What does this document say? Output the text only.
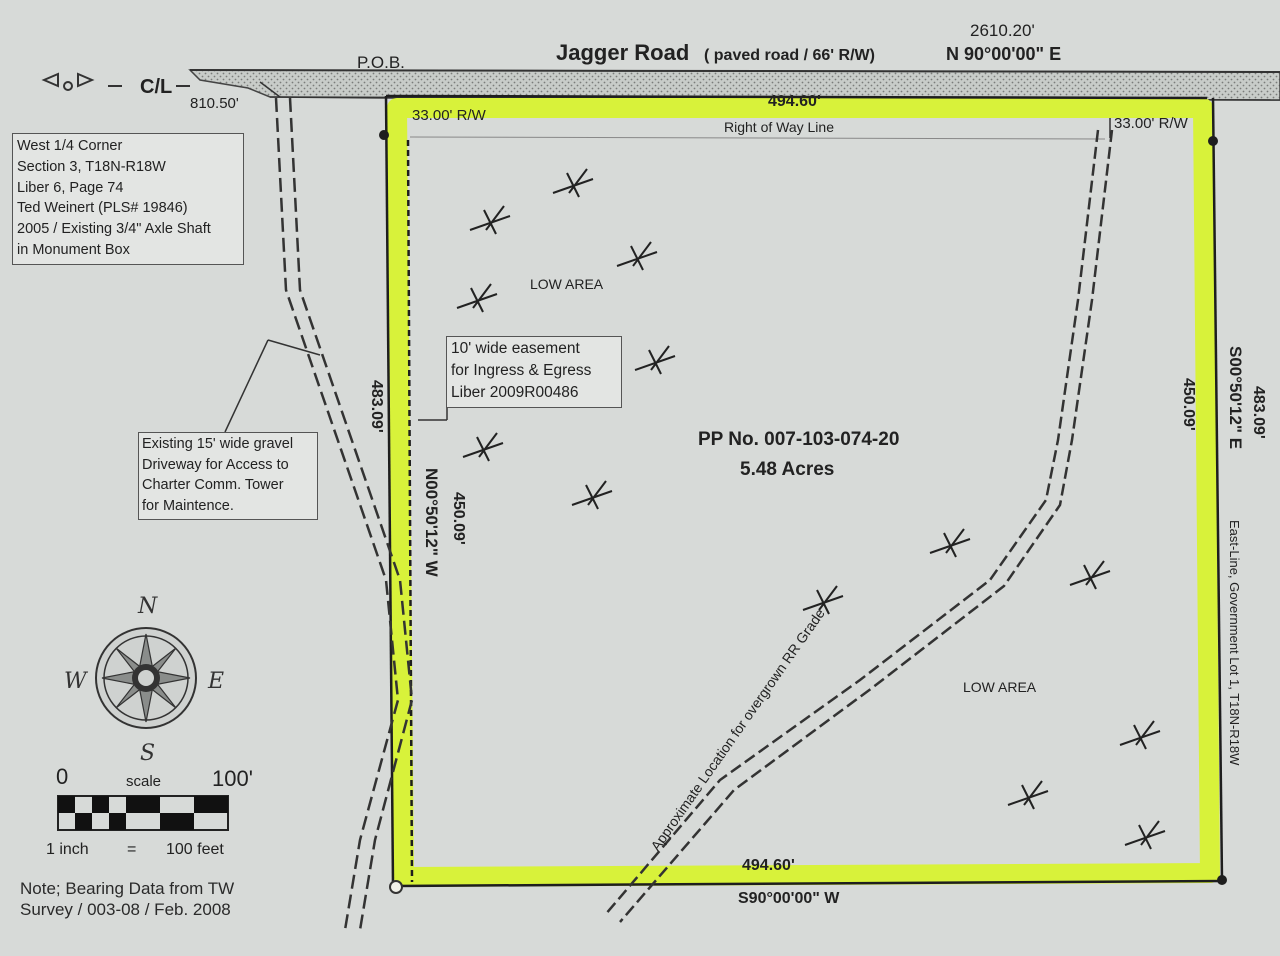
P.O.B.	Jagger Road ( paved road / 66' R/W)
2610.20'
N 90°00'00" E
C/L
810.50'	494.60'
33.00' R/W	33.00' R/W
Right of Way Line
PP No. 007-103-074-20
5.48 Acres
494.60'
S90°00'00" W
LOW AREA
LOW AREA
483.09'
450.09'
N00°50'12" W
450.09'	483.09'
S00°50'12" E
East-Line, Government Lot 1, T18N-R18W
Approximate Location for overgrown RR Grade
N
S
E
W
0	scale 100'
1 inch = 100 feet
West 1/4 Corner
Section 3, T18N-R18W
Liber 6, Page 74
Ted Weinert (PLS# 19846)
2005 / Existing 3/4" Axle Shaft
in Monument Box
10' wide easement
for Ingress & Egress
Liber 2009R00486
Existing 15' wide gravel
Driveway for Access to
Charter Comm. Tower
for Maintence.
Note; Bearing Data from TW
Survey / 003-08 / Feb. 2008
